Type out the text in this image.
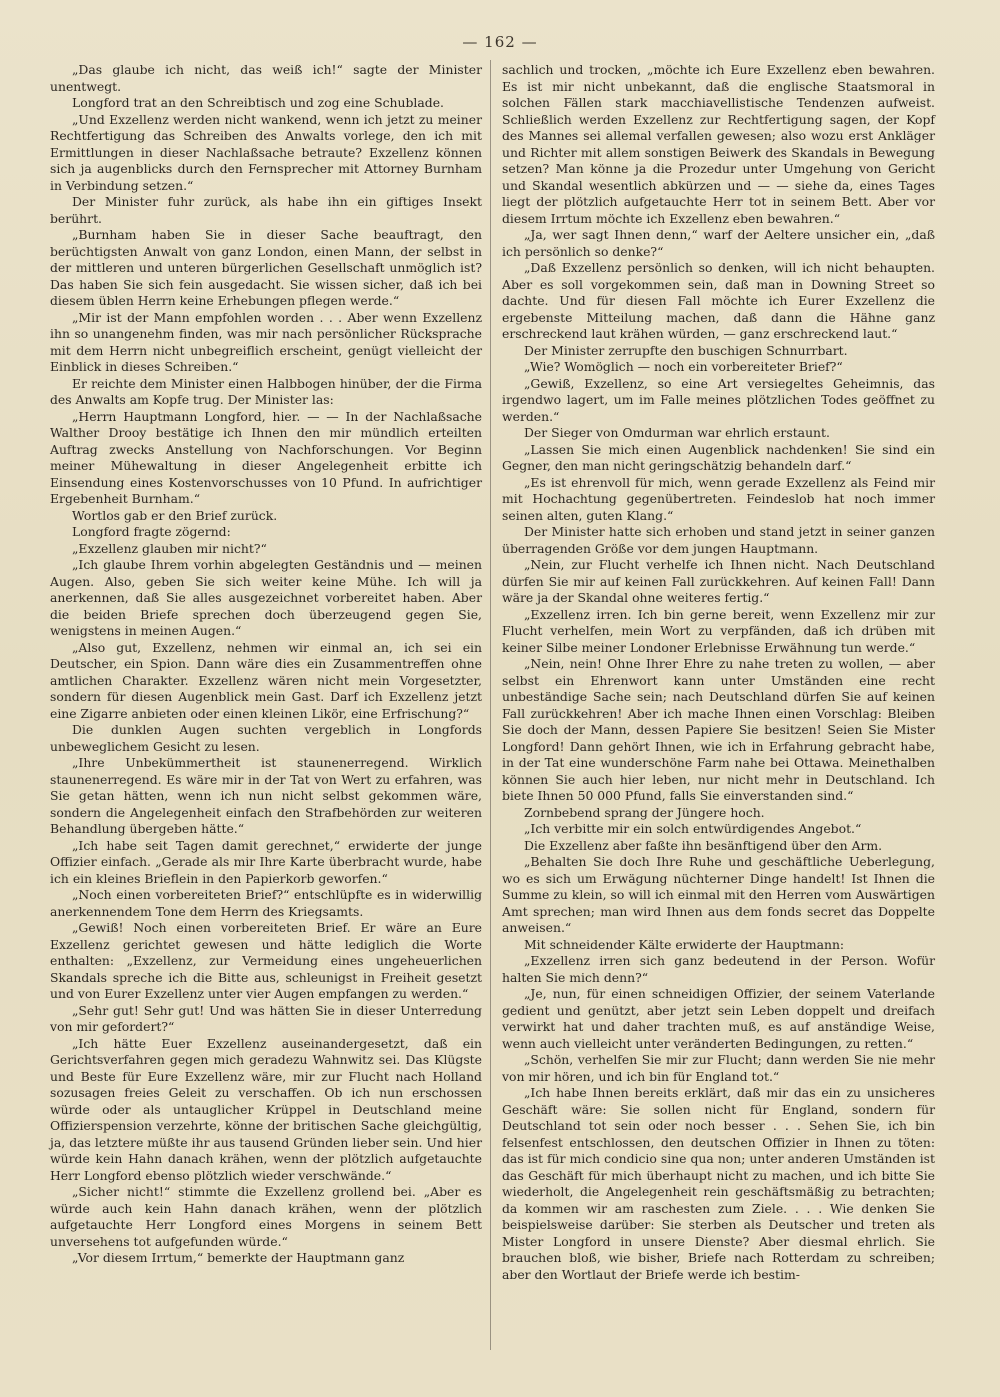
— 162 —

„Das glaube ich nicht, das weiß ich!“ sagte der Minister unentwegt.

Longford trat an den Schreibtisch und zog eine Schublade.

„Und Exzellenz werden nicht wankend, wenn ich jetzt zu meiner Rechtfertigung das Schreiben des Anwalts vorlege, den ich mit Ermittlungen in dieser Nachlaßsache betraute? Exzellenz können sich ja augenblicks durch den Fernsprecher mit Attorney Burnham in Verbindung setzen.“

Der Minister fuhr zurück, als habe ihn ein giftiges Insekt berührt.

„Burnham haben Sie in dieser Sache beauftragt, den berüchtigsten Anwalt von ganz London, einen Mann, der selbst in der mittleren und unteren bürgerlichen Gesellschaft unmöglich ist? Das haben Sie sich fein ausgedacht. Sie wissen sicher, daß ich bei diesem üblen Herrn keine Erhebungen pflegen werde.“

„Mir ist der Mann empfohlen worden . . . Aber wenn Exzellenz ihn so unangenehm finden, was mir nach persönlicher Rücksprache mit dem Herrn nicht unbegreiflich erscheint, genügt vielleicht der Einblick in dieses Schreiben.“

Er reichte dem Minister einen Halbbogen hinüber, der die Firma des Anwalts am Kopfe trug. Der Minister las:

„Herrn Hauptmann Longford, hier. — — In der Nachlaßsache Walther Drooy bestätige ich Ihnen den mir mündlich erteilten Auftrag zwecks Anstellung von Nachforschungen. Vor Beginn meiner Mühewaltung in dieser Angelegenheit erbitte ich Einsendung eines Kostenvorschusses von 10 Pfund. In aufrichtiger Ergebenheit Burnham.“

Wortlos gab er den Brief zurück.

Longford fragte zögernd:

„Exzellenz glauben mir nicht?“

„Ich glaube Ihrem vorhin abgelegten Geständnis und — meinen Augen. Also, geben Sie sich weiter keine Mühe. Ich will ja anerkennen, daß Sie alles ausgezeichnet vorbereitet haben. Aber die beiden Briefe sprechen doch überzeugend gegen Sie, wenigstens in meinen Augen.“

„Also gut, Exzellenz, nehmen wir einmal an, ich sei ein Deutscher, ein Spion. Dann wäre dies ein Zusammentreffen ohne amtlichen Charakter. Exzellenz wären nicht mein Vorgesetzter, sondern für diesen Augenblick mein Gast. Darf ich Exzellenz jetzt eine Zigarre anbieten oder einen kleinen Likör, eine Erfrischung?“

Die dunklen Augen suchten vergeblich in Longfords unbeweglichem Gesicht zu lesen.

„Ihre Unbekümmertheit ist staunenerregend. Wirklich staunenerregend. Es wäre mir in der Tat von Wert zu erfahren, was Sie getan hätten, wenn ich nun nicht selbst gekommen wäre, sondern die Angelegenheit einfach den Strafbehörden zur weiteren Behandlung übergeben hätte.“

„Ich habe seit Tagen damit gerechnet,“ erwiderte der junge Offizier einfach. „Gerade als mir Ihre Karte überbracht wurde, habe ich ein kleines Brieflein in den Papierkorb geworfen.“

„Noch einen vorbereiteten Brief?“ entschlüpfte es in widerwillig anerkennendem Tone dem Herrn des Kriegsamts.

„Gewiß! Noch einen vorbereiteten Brief. Er wäre an Eure Exzellenz gerichtet gewesen und hätte lediglich die Worte enthalten: „Exzellenz, zur Vermeidung eines ungeheuerlichen Skandals spreche ich die Bitte aus, schleunigst in Freiheit gesetzt und von Eurer Exzellenz unter vier Augen empfangen zu werden.“

„Sehr gut! Sehr gut! Und was hätten Sie in dieser Unterredung von mir gefordert?“

„Ich hätte Euer Exzellenz auseinandergesetzt, daß ein Gerichtsverfahren gegen mich geradezu Wahnwitz sei. Das Klügste und Beste für Eure Exzellenz wäre, mir zur Flucht nach Holland sozusagen freies Geleit zu verschaffen. Ob ich nun erschossen würde oder als untauglicher Krüppel in Deutschland meine Offizierspension verzehrte, könne der britischen Sache gleichgültig, ja, das letztere müßte ihr aus tausend Gründen lieber sein. Und hier würde kein Hahn danach krähen, wenn der plötzlich aufgetauchte Herr Longford ebenso plötzlich wieder verschwände.“

„Sicher nicht!“ stimmte die Exzellenz grollend bei. „Aber es würde auch kein Hahn danach krähen, wenn der plötzlich aufgetauchte Herr Longford eines Morgens in seinem Bett unversehens tot aufgefunden würde.“

„Vor diesem Irrtum,“ bemerkte der Hauptmann ganz

sachlich und trocken, „möchte ich Eure Exzellenz eben bewahren. Es ist mir nicht unbekannt, daß die englische Staatsmoral in solchen Fällen stark macchiavellistische Tendenzen aufweist. Schließlich werden Exzellenz zur Rechtfertigung sagen, der Kopf des Mannes sei allemal verfallen gewesen; also wozu erst Ankläger und Richter mit allem sonstigen Beiwerk des Skandals in Bewegung setzen? Man könne ja die Prozedur unter Umgehung von Gericht und Skandal wesentlich abkürzen und — — siehe da, eines Tages liegt der plötzlich aufgetauchte Herr tot in seinem Bett. Aber vor diesem Irrtum möchte ich Exzellenz eben bewahren.“

„Ja, wer sagt Ihnen denn,“ warf der Aeltere unsicher ein, „daß ich persönlich so denke?“

„Daß Exzellenz persönlich so denken, will ich nicht behaupten. Aber es soll vorgekommen sein, daß man in Downing Street so dachte. Und für diesen Fall möchte ich Eurer Exzellenz die ergebenste Mitteilung machen, daß dann die Hähne ganz erschreckend laut krähen würden, — ganz erschreckend laut.“

Der Minister zerrupfte den buschigen Schnurrbart.

„Wie? Womöglich — noch ein vorbereiteter Brief?“

„Gewiß, Exzellenz, so eine Art versiegeltes Geheimnis, das irgendwo lagert, um im Falle meines plötzlichen Todes geöffnet zu werden.“

Der Sieger von Omdurman war ehrlich erstaunt.

„Lassen Sie mich einen Augenblick nachdenken! Sie sind ein Gegner, den man nicht geringschätzig behandeln darf.“

„Es ist ehrenvoll für mich, wenn gerade Exzellenz als Feind mir mit Hochachtung gegenübertreten. Feindeslob hat noch immer seinen alten, guten Klang.“

Der Minister hatte sich erhoben und stand jetzt in seiner ganzen überragenden Größe vor dem jungen Hauptmann.

„Nein, zur Flucht verhelfe ich Ihnen nicht. Nach Deutschland dürfen Sie mir auf keinen Fall zurückkehren. Auf keinen Fall! Dann wäre ja der Skandal ohne weiteres fertig.“

„Exzellenz irren. Ich bin gerne bereit, wenn Exzellenz mir zur Flucht verhelfen, mein Wort zu verpfänden, daß ich drüben mit keiner Silbe meiner Londoner Erlebnisse Erwähnung tun werde.“

„Nein, nein! Ohne Ihrer Ehre zu nahe treten zu wollen, — aber selbst ein Ehrenwort kann unter Umständen eine recht unbeständige Sache sein; nach Deutschland dürfen Sie auf keinen Fall zurückkehren! Aber ich mache Ihnen einen Vorschlag: Bleiben Sie doch der Mann, dessen Papiere Sie besitzen! Seien Sie Mister Longford! Dann gehört Ihnen, wie ich in Erfahrung gebracht habe, in der Tat eine wunderschöne Farm nahe bei Ottawa. Meinethalben können Sie auch hier leben, nur nicht mehr in Deutschland. Ich biete Ihnen 50 000 Pfund, falls Sie einverstanden sind.“

Zornbebend sprang der Jüngere hoch.

„Ich verbitte mir ein solch entwürdigendes Angebot.“

Die Exzellenz aber faßte ihn besänftigend über den Arm.

„Behalten Sie doch Ihre Ruhe und geschäftliche Ueberlegung, wo es sich um Erwägung nüchterner Dinge handelt! Ist Ihnen die Summe zu klein, so will ich einmal mit den Herren vom Auswärtigen Amt sprechen; man wird Ihnen aus dem fonds secret das Doppelte anweisen.“

Mit schneidender Kälte erwiderte der Hauptmann:

„Exzellenz irren sich ganz bedeutend in der Person. Wofür halten Sie mich denn?“

„Je, nun, für einen schneidigen Offizier, der seinem Vaterlande gedient und genützt, aber jetzt sein Leben doppelt und dreifach verwirkt hat und daher trachten muß, es auf anständige Weise, wenn auch vielleicht unter veränderten Bedingungen, zu retten.“

„Schön, verhelfen Sie mir zur Flucht; dann werden Sie nie mehr von mir hören, und ich bin für England tot.“

„Ich habe Ihnen bereits erklärt, daß mir das ein zu unsicheres Geschäft wäre: Sie sollen nicht für England, sondern für Deutschland tot sein oder noch besser . . . Sehen Sie, ich bin felsenfest entschlossen, den deutschen Offizier in Ihnen zu töten: das ist für mich condicio sine qua non; unter anderen Umständen ist das Geschäft für mich überhaupt nicht zu machen, und ich bitte Sie wiederholt, die Angelegenheit rein geschäftsmäßig zu betrachten; da kommen wir am raschesten zum Ziele. . . . Wie denken Sie beispielsweise darüber: Sie sterben als Deutscher und treten als Mister Longford in unsere Dienste? Aber diesmal ehrlich. Sie brauchen bloß, wie bisher, Briefe nach Rotterdam zu schreiben; aber den Wortlaut der Briefe werde ich bestim-
